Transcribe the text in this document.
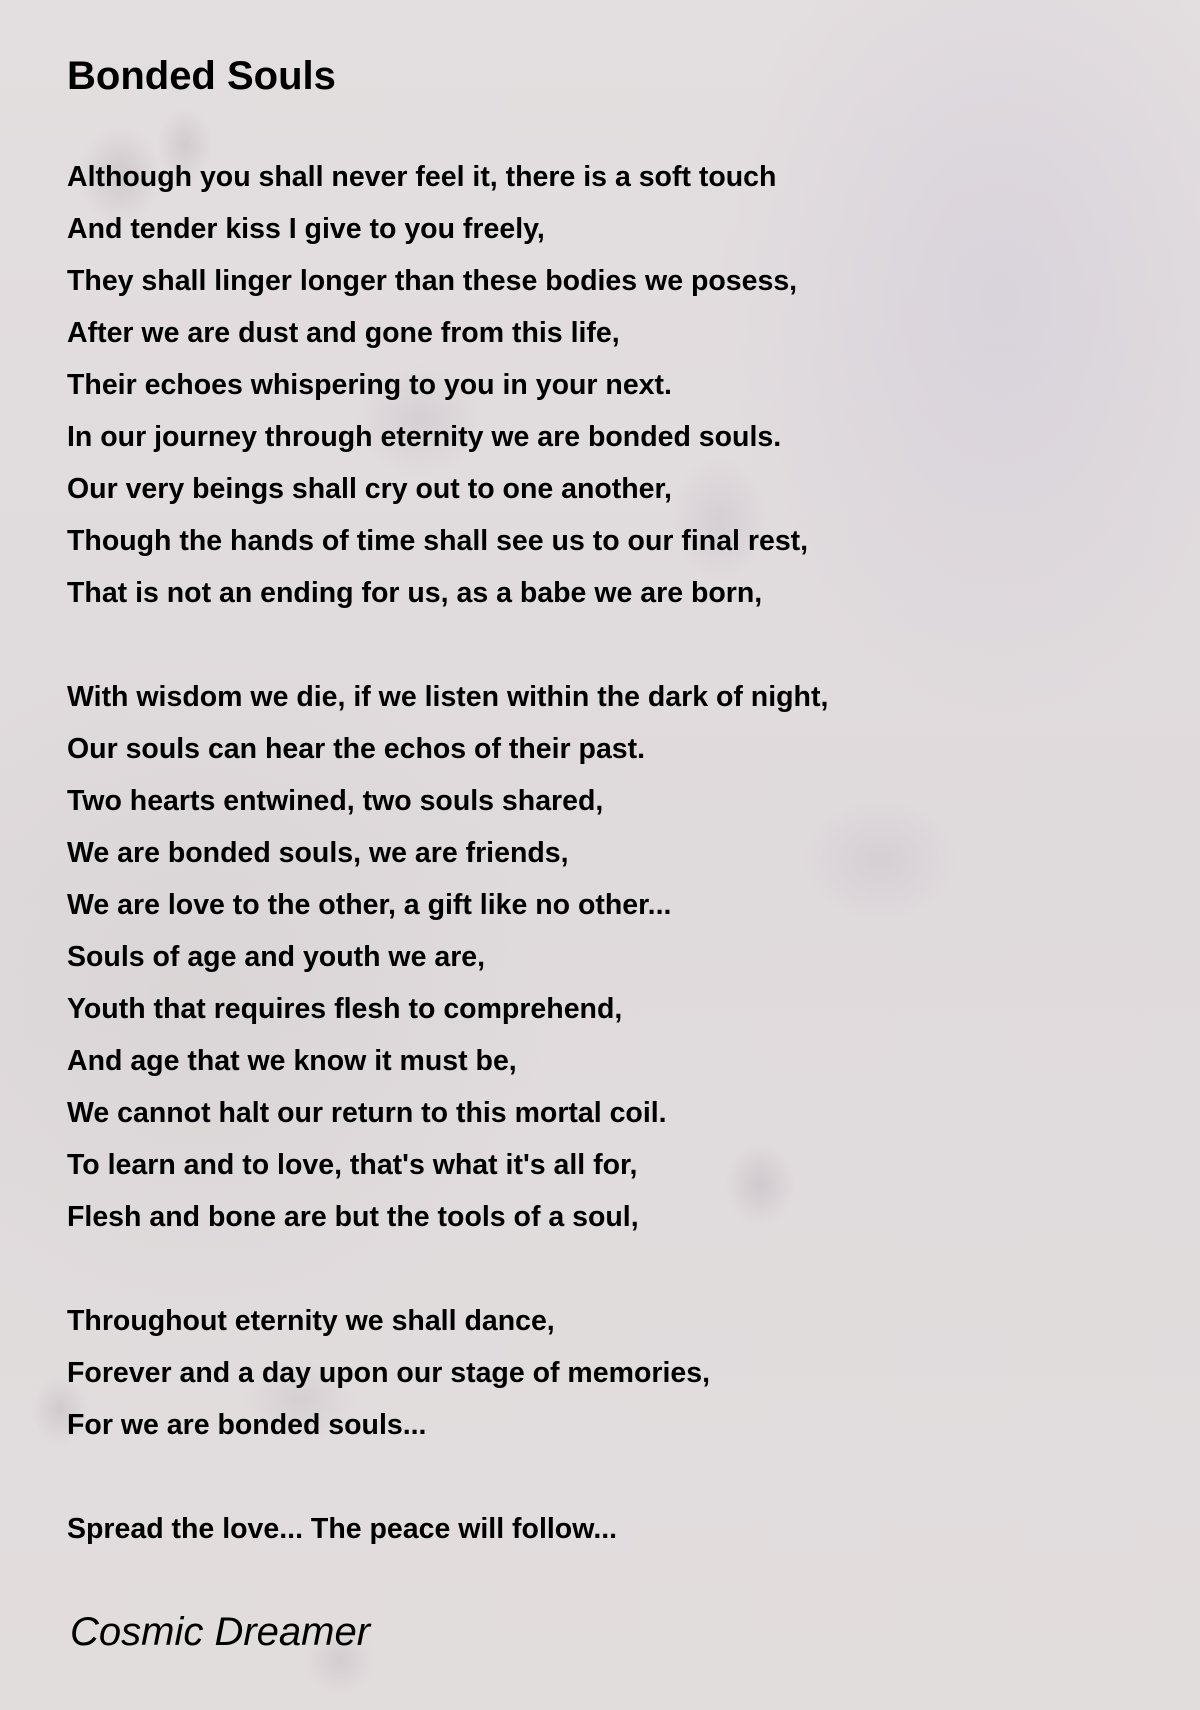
Bonded Souls
Although you shall never feel it, there is a soft touch
And tender kiss I give to you freely,
They shall linger longer than these bodies we posess,
After we are dust and gone from this life,
Their echoes whispering to you in your next.
In our journey through eternity we are bonded souls.
Our very beings shall cry out to one another,
Though the hands of time shall see us to our final rest,
That is not an ending for us, as a babe we are born,
With wisdom we die, if we listen within the dark of night,
Our souls can hear the echos of their past.
Two hearts entwined, two souls shared,
We are bonded souls, we are friends,
We are love to the other, a gift like no other...
Souls of age and youth we are,
Youth that requires flesh to comprehend,
And age that we know it must be,
We cannot halt our return to this mortal coil.
To learn and to love, that's what it's all for,
Flesh and bone are but the tools of a soul,
Throughout eternity we shall dance,
Forever and a day upon our stage of memories,
For we are bonded souls...
Spread the love... The peace will follow...
Cosmic Dreamer
